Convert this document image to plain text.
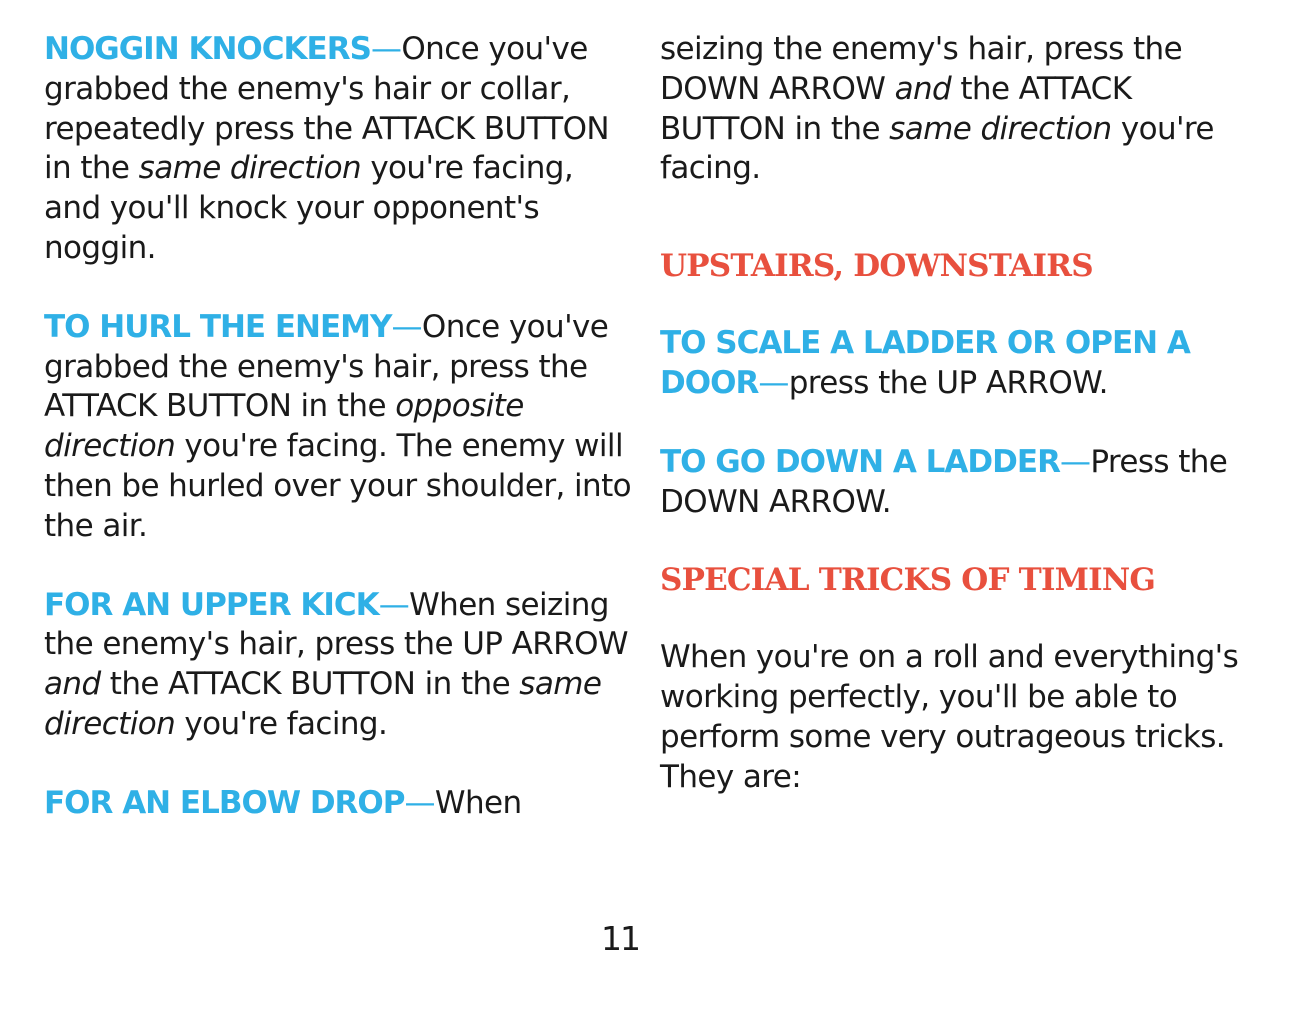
NOGGIN KNOCKERS—Once you've grabbed the enemy's hair or collar, repeatedly press the ATTACK BUTTON in the same direction you're facing, and you'll knock your opponent's noggin.

TO HURL THE ENEMY—Once you've grabbed the enemy's hair, press the ATTACK BUTTON in the opposite direction you're facing. The enemy will then be hurled over your shoulder, into the air.

FOR AN UPPER KICK—When seizing the enemy's hair, press the UP ARROW and the ATTACK BUTTON in the same direction you're facing.

FOR AN ELBOW DROP—When

seizing the enemy's hair, press the DOWN ARROW and the ATTACK BUTTON in the same direction you're facing.

UPSTAIRS, DOWNSTAIRS

TO SCALE A LADDER OR OPEN A DOOR—press the UP ARROW.

TO GO DOWN A LADDER—Press the DOWN ARROW.

SPECIAL TRICKS OF TIMING

When you're on a roll and everything's working perfectly, you'll be able to perform some very outrageous tricks. They are:

11
